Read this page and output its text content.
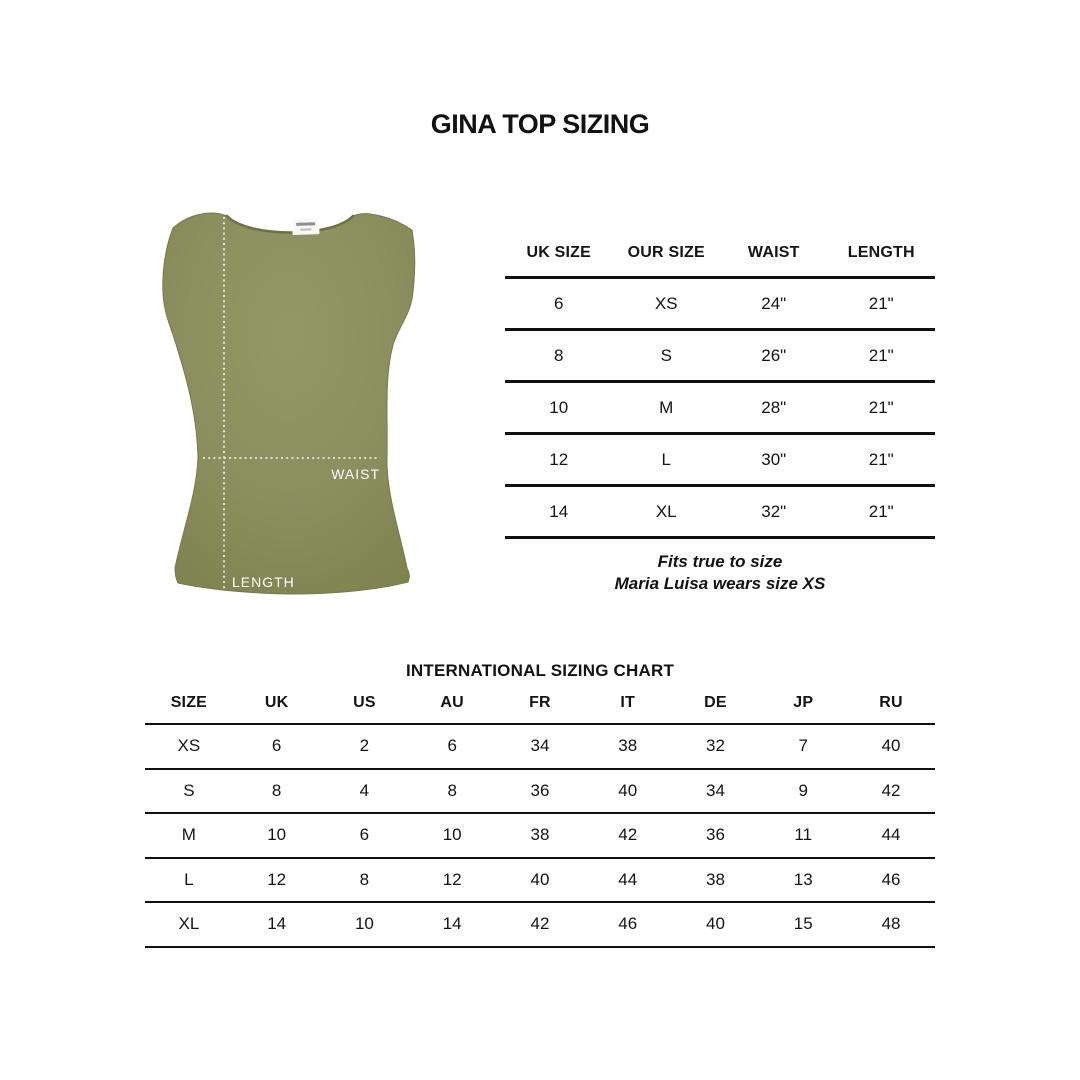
GINA TOP SIZING
WAIST
LENGTH
UK SIZE	OUR SIZE	WAIST	LENGTH
6	XS	24"	21"
8	S	26"	21"
10	M	28"	21"
12	L	30"	21"
14	XL	32"	21"
Fits true to size
Maria Luisa wears size XS
INTERNATIONAL SIZING CHART
SIZE	UK	US	AU	FR	IT	DE	JP	RU
XS	6	2	6	34	38	32	7	40
S	8	4	8	36	40	34	9	42
M	10	6	10	38	42	36	11	44
L	12	8	12	40	44	38	13	46
XL	14	10	14	42	46	40	15	48
